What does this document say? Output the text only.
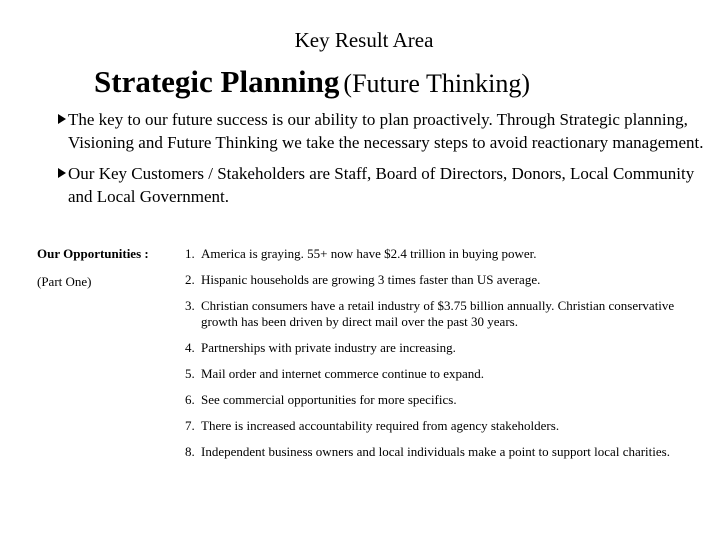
Key Result Area
Strategic Planning (Future Thinking)
The key to our future success is our ability to plan proactively. Through Strategic planning, Visioning and Future Thinking we take the necessary steps to avoid reactionary management.
Our Key Customers / Stakeholders are Staff, Board of Directors, Donors, Local Community and Local Government.
Our Opportunities :
(Part One)
1. America is graying. 55+ now have $2.4 trillion in buying power.
2. Hispanic households are growing 3 times faster than US average.
3. Christian consumers have a retail industry of $3.75 billion annually. Christian conservative growth has been driven by direct mail over the past 30 years.
4. Partnerships with private industry are increasing.
5. Mail order and internet commerce continue to expand.
6. See commercial opportunities for more specifics.
7. There is increased accountability required from agency stakeholders.
8. Independent business owners and local individuals make a point to support local charities.
